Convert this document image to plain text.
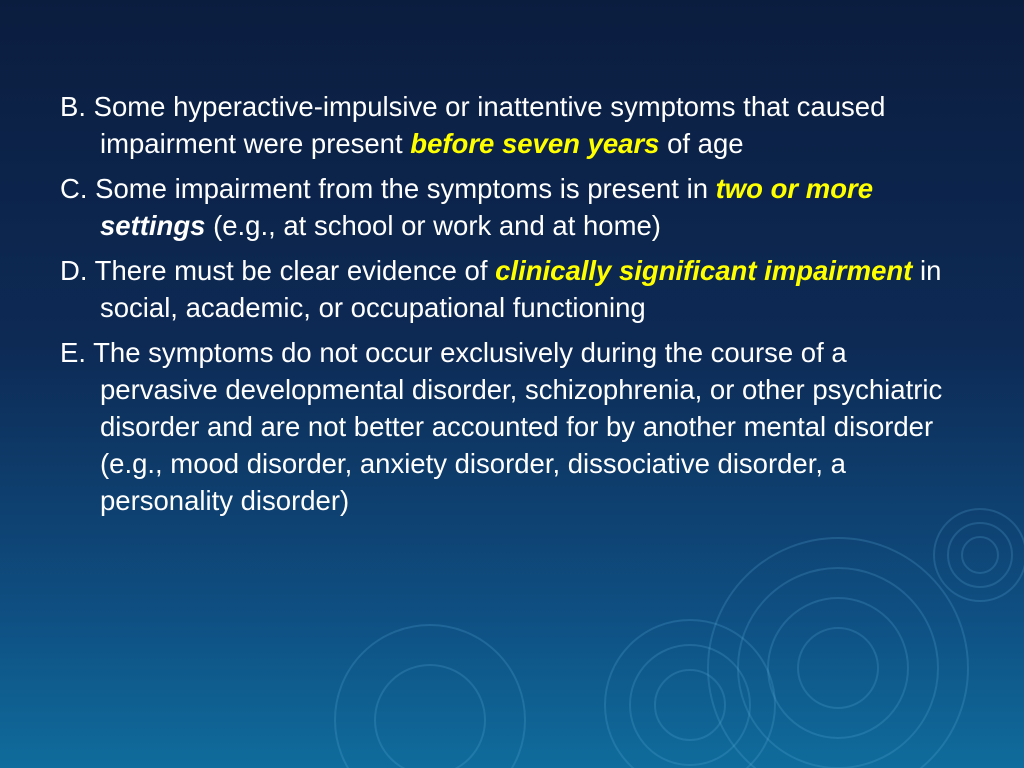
B. Some hyperactive-impulsive or inattentive symptoms that caused impairment were present before seven years of age

C. Some impairment from the symptoms is present in two or more settings (e.g., at school or work and at home)

D. There must be clear evidence of clinically significant impairment in social, academic, or occupational functioning

E. The symptoms do not occur exclusively during the course of a pervasive developmental disorder, schizophrenia, or other psychiatric disorder and are not better accounted for by another mental disorder (e.g., mood disorder, anxiety disorder, dissociative disorder, a personality disorder)
